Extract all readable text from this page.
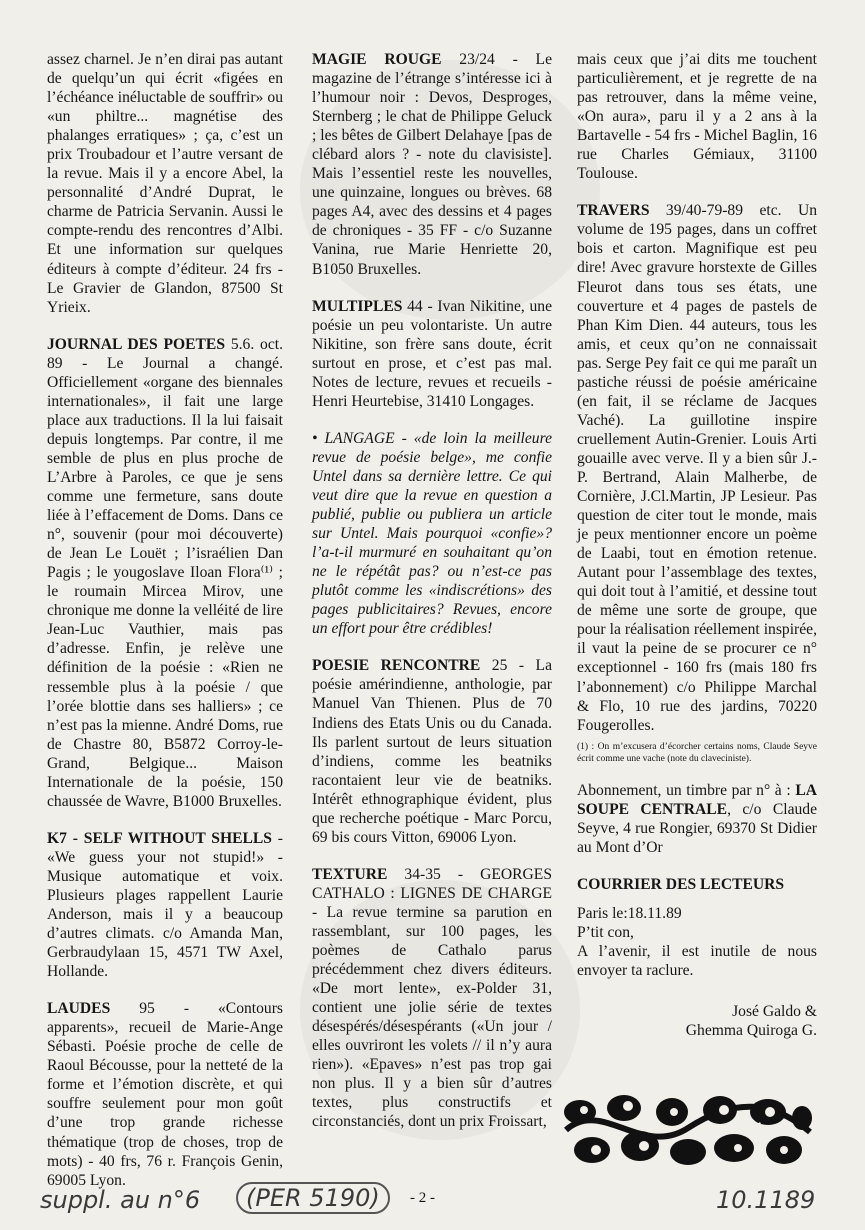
assez charnel. Je n’en dirai pas autant de quelqu’un qui écrit «figées en l’échéance inéluctable de souffrir» ou «un philtre... magnétise des phalanges erratiques» ; ça, c’est un prix Troubadour et l’autre versant de la revue. Mais il y a encore Abel, la personnalité d’André Duprat, le charme de Patricia Servanin. Aussi le compte-rendu des rencontres d’Albi. Et une information sur quelques éditeurs à compte d’éditeur. 24 frs - Le Gravier de Glandon, 87500 St Yrieix.

JOURNAL DES POETES 5.6. oct. 89 - Le Journal a changé. Officiellement «organe des biennales internationales», il fait une large place aux traductions. Il la lui faisait depuis longtemps. Par contre, il me semble de plus en plus proche de L’Arbre à Paroles, ce que je sens comme une fermeture, sans doute liée à l’effacement de Doms. Dans ce n°, souvenir (pour moi découverte) de Jean Le Louët ; l’israélien Dan Pagis ; le yougoslave Iloan Flora⁽¹⁾ ; le roumain Mircea Mirov, une chronique me donne la velléité de lire Jean-Luc Vauthier, mais pas d’adresse. Enfin, je relève une définition de la poésie : «Rien ne ressemble plus à la poésie / que l’orée blottie dans ses halliers» ; ce n’est pas la mienne. André Doms, rue de Chastre 80, B5872 Corroy-le-Grand, Belgique... Maison Internationale de la poésie, 150 chaussée de Wavre, B1000 Bruxelles.

K7 - SELF WITHOUT SHELLS - «We guess your not stupid!» - Musique automatique et voix. Plusieurs plages rappellent Laurie Anderson, mais il y a beaucoup d’autres climats. c/o Amanda Man, Gerbraudylaan 15, 4571 TW Axel, Hollande.

LAUDES 95 - «Contours apparents», recueil de Marie-Ange Sébasti. Poésie proche de celle de Raoul Bécousse, pour la netteté de la forme et l’émotion discrète, et qui souffre seulement pour mon goût d’une trop grande richesse thématique (trop de choses, trop de mots) - 40 frs, 76 r. François Genin, 69005 Lyon.

MAGIE ROUGE 23/24 - Le magazine de l’étrange s’intéresse ici à l’humour noir : Devos, Desproges, Sternberg ; le chat de Philippe Geluck ; les bêtes de Gilbert Delahaye [pas de clébard alors ? - note du clavisiste]. Mais l’essentiel reste les nouvelles, une quinzaine, longues ou brèves. 68 pages A4, avec des dessins et 4 pages de chroniques - 35 FF - c/o Suzanne Vanina, rue Marie Henriette 20, B1050 Bruxelles.

MULTIPLES 44 - Ivan Nikitine, une poésie un peu volontariste. Un autre Nikitine, son frère sans doute, écrit surtout en prose, et c’est pas mal. Notes de lecture, revues et recueils - Henri Heurtebise, 31410 Longages.

• LANGAGE - «de loin la meilleure revue de poésie belge», me confie Untel dans sa dernière lettre. Ce qui veut dire que la revue en question a publié, publie ou publiera un article sur Untel. Mais pourquoi «confie»? l’a-t-il murmuré en souhaitant qu’on ne le répétât pas? ou n’est-ce pas plutôt comme les «indiscrétions» des pages publicitaires? Revues, encore un effort pour être crédibles!

POESIE RENCONTRE 25 - La poésie amérindienne, anthologie, par Manuel Van Thienen. Plus de 70 Indiens des Etats Unis ou du Canada. Ils parlent surtout de leurs situation d’indiens, comme les beatniks racontaient leur vie de beatniks. Intérêt ethnographique évident, plus que recherche poétique - Marc Porcu, 69 bis cours Vitton, 69006 Lyon.

TEXTURE 34-35 - GEORGES CATHALO : LIGNES DE CHARGE - La revue termine sa parution en rassemblant, sur 100 pages, les poèmes de Cathalo parus précédemment chez divers éditeurs. «De mort lente», ex-Polder 31, contient une jolie série de textes désespérés/désespérants («Un jour / elles ouvriront les volets // il n’y aura rien»). «Epaves» n’est pas trop gai non plus. Il y a bien sûr d’autres textes, plus constructifs et circonstanciés, dont un prix Froissart,

mais ceux que j’ai dits me touchent particulièrement, et je regrette de na pas retrouver, dans la même veine, «On aura», paru il y a 2 ans à la Bartavelle - 54 frs - Michel Baglin, 16 rue Charles Gémiaux, 31100 Toulouse.

TRAVERS 39/40-79-89 etc. Un volume de 195 pages, dans un coffret bois et carton. Magnifique est peu dire! Avec gravure horstexte de Gilles Fleurot dans tous ses états, une couverture et 4 pages de pastels de Phan Kim Dien. 44 auteurs, tous les amis, et ceux qu’on ne connaissait pas. Serge Pey fait ce qui me paraît un pastiche réussi de poésie américaine (en fait, il se réclame de Jacques Vaché). La guillotine inspire cruellement Autin-Grenier. Louis Arti gouaille avec verve. Il y a bien sûr J.-P. Bertrand, Alain Malherbe, de Cornière, J.Cl.Martin, JP Lesieur. Pas question de citer tout le monde, mais je peux mentionner encore un poème de Laabi, tout en émotion retenue. Autant pour l’assemblage des textes, qui doit tout à l’amitié, et dessine tout de même une sorte de groupe, que pour la réalisation réellement inspirée, il vaut la peine de se procurer ce n° exceptionnel - 160 frs (mais 180 frs l’abonnement) c/o Philippe Marchal & Flo, 10 rue des jardins, 70220 Fougerolles.

(1) : On m’excusera d’écorcher certains noms, Claude Seyve écrit comme une vache (note du claveciniste).

Abonnement, un timbre par n° à : LA SOUPE CENTRALE, c/o Claude Seyve, 4 rue Rongier, 69370 St Didier au Mont d’Or

COURRIER DES LECTEURS

Paris le:18.11.89

P’tit con,

A l’avenir, il est inutile de nous envoyer ta raclure.

José Galdo &

Ghemma Quiroga G.

suppl. au n°6	(PER 5190)	- 2 -	10.1189
